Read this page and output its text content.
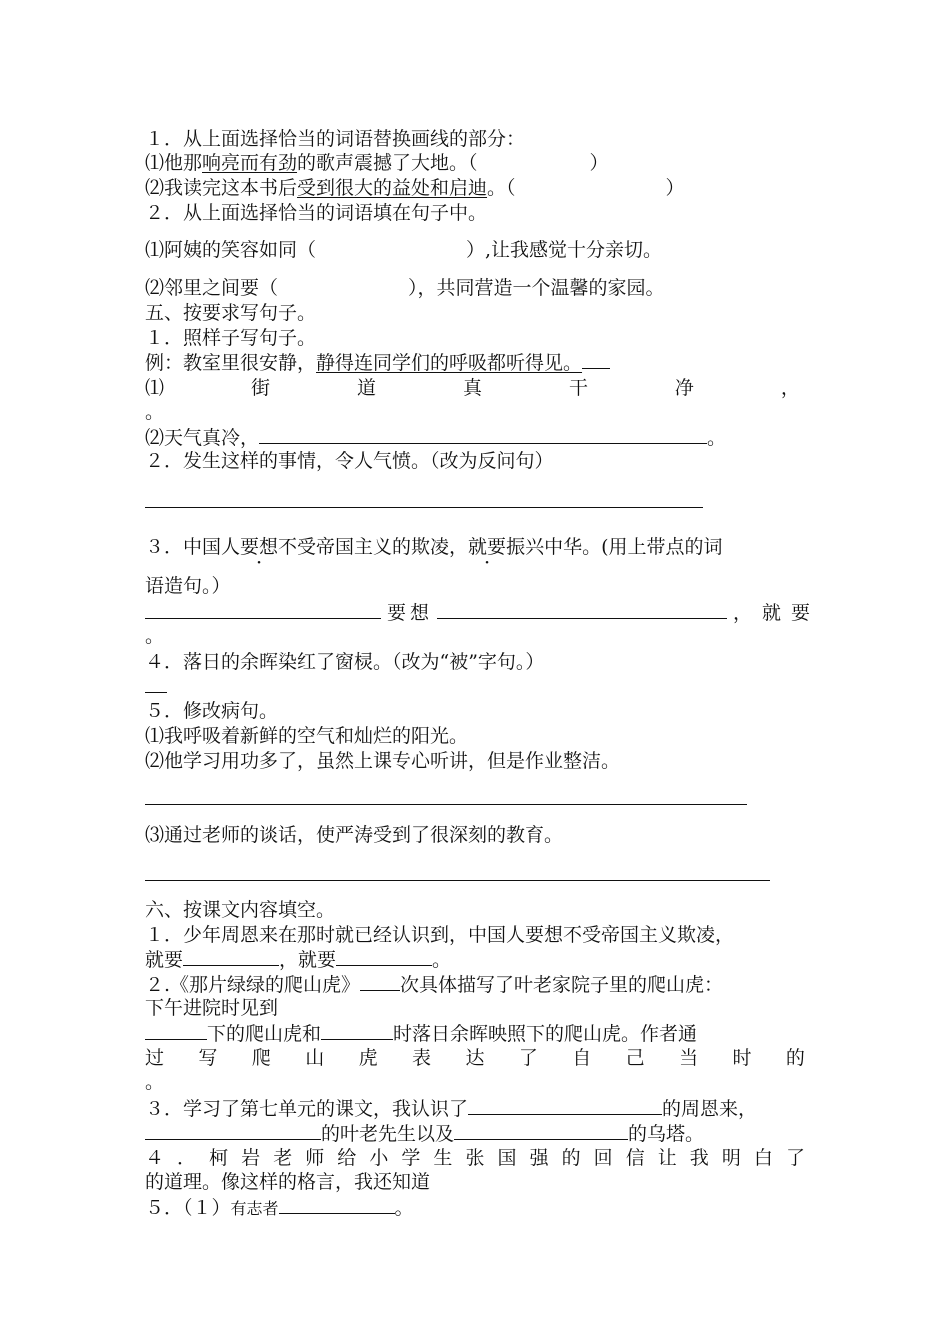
１．从上面选择恰当的词语替换画线的部分：
⑴他那响亮而有劲的歌声震撼了大地。（	）
⑵我读完这本书后受到很大的益处和启迪。（	）
２．从上面选择恰当的词语填在句子中。
⑴阿姨的笑容如同（	）,让我感觉十分亲切。
⑵邻里之间要（	），共同营造一个温馨的家园。
五、按要求写句子。
１．照样子写句子。
例：教室里很安静，静得连同学们的呼吸都听得见。
⑴	街	道	真	干	净	，
。
⑵天气真冷，	。
２．发生这样的事情，令人气愤。（改为反问句）
３．中国人要想不受帝国主义的欺凌，就要振兴中华。(用上带点的词
语造句。）
要想	，就要
。
４．落日的余晖染红了窗棂。（改为“被”字句。）
５．修改病句。
⑴我呼吸着新鲜的空气和灿烂的阳光。
⑵他学习用功多了，虽然上课专心听讲，但是作业整洁。
⑶通过老师的谈话，使严涛受到了很深刻的教育。
六、按课文内容填空。
１．少年周恩来在那时就已经认识到，中国人要想不受帝国主义欺凌，
就要	，就要	。
２.《那片绿绿的爬山虎》 次具体描写了叶老家院子里的爬山虎：
下午进院时见到
下的爬山虎和	时落日余晖映照下的爬山虎。作者通
过 写 爬 山 虎 表 达 了 自 己 当 时 的
。
３．学习了第七单元的课文，我认识了	的周恩来，
的叶老先生以及	的乌塔。
４ ． 柯 岩 老 师 给 小 学 生 张 国 强 的 回 信 让 我 明 白 了
的道理。像这样的格言，我还知道
５．（１）有志者	。
